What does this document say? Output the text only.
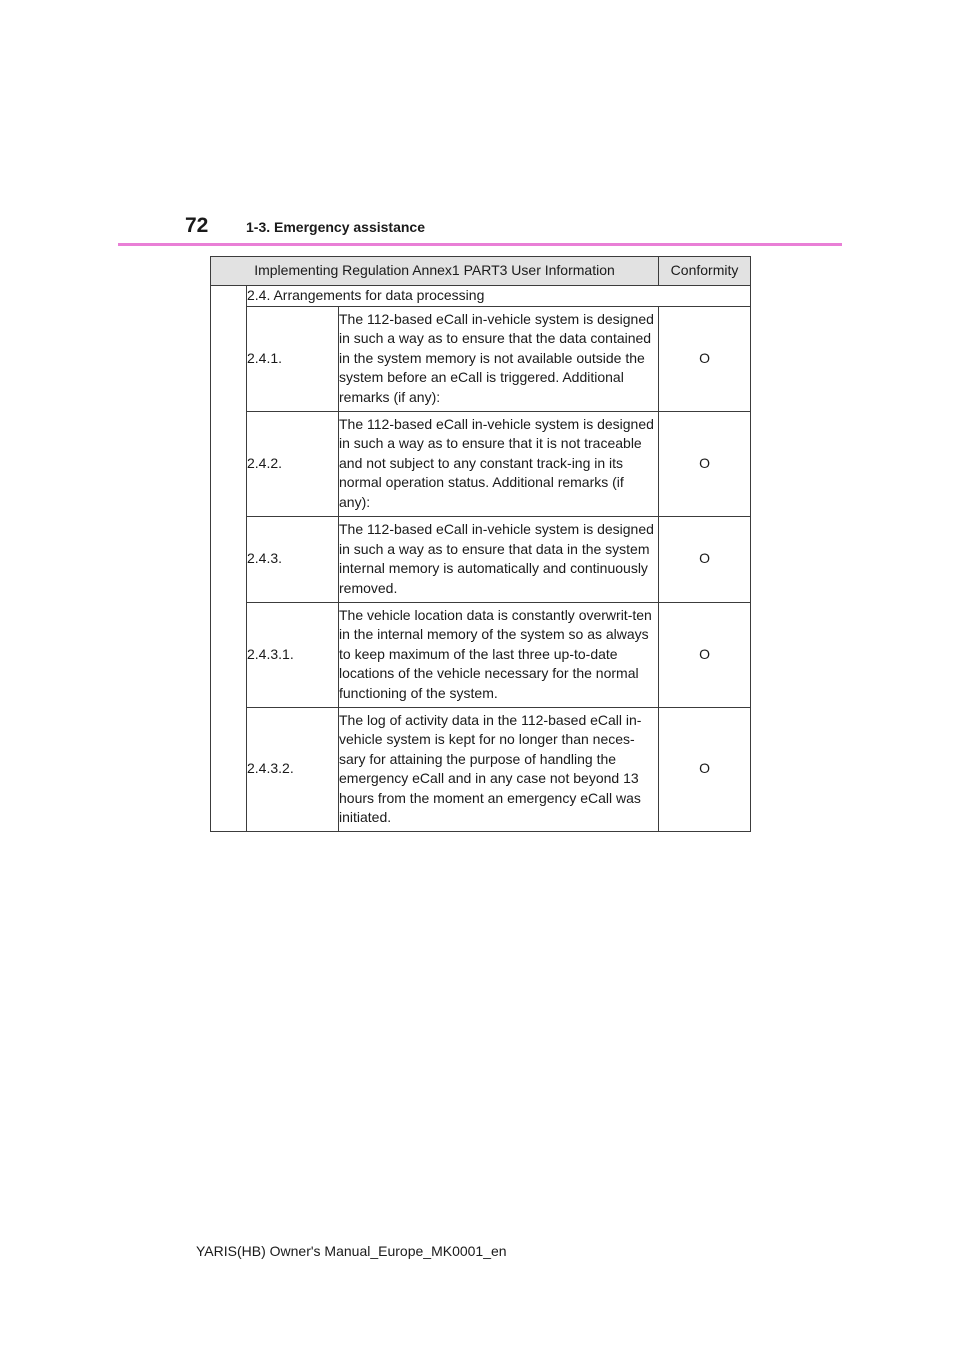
72	1-3. Emergency assistance
Implementing Regulation Annex1 PART3 User Information			Conformity
	2.4. Arrangements for data processing		
	2.4.1.	The 112-based eCall in-vehicle system is designed in such a way as to ensure that the data contained in the system memory is not available outside the system before an eCall is triggered. Additional remarks (if any):	O
	2.4.2.	The 112-based eCall in-vehicle system is designed in such a way as to ensure that it is not traceable and not subject to any constant track-ing in its normal operation status. Additional remarks (if any):	O
	2.4.3.	The 112-based eCall in-vehicle system is designed in such a way as to ensure that data in the system internal memory is automatically and continuously removed.	O
	2.4.3.1.	The vehicle location data is constantly overwrit-ten in the internal memory of the system so as always to keep maximum of the last three up-to-date locations of the vehicle necessary for the normal functioning of the system.	O
	2.4.3.2.	The log of activity data in the 112-based eCall in-vehicle system is kept for no longer than neces-sary for attaining the purpose of handling the emergency eCall and in any case not beyond 13 hours from the moment an emergency eCall was initiated.	O
YARIS(HB) Owner's Manual_Europe_MK0001_en
